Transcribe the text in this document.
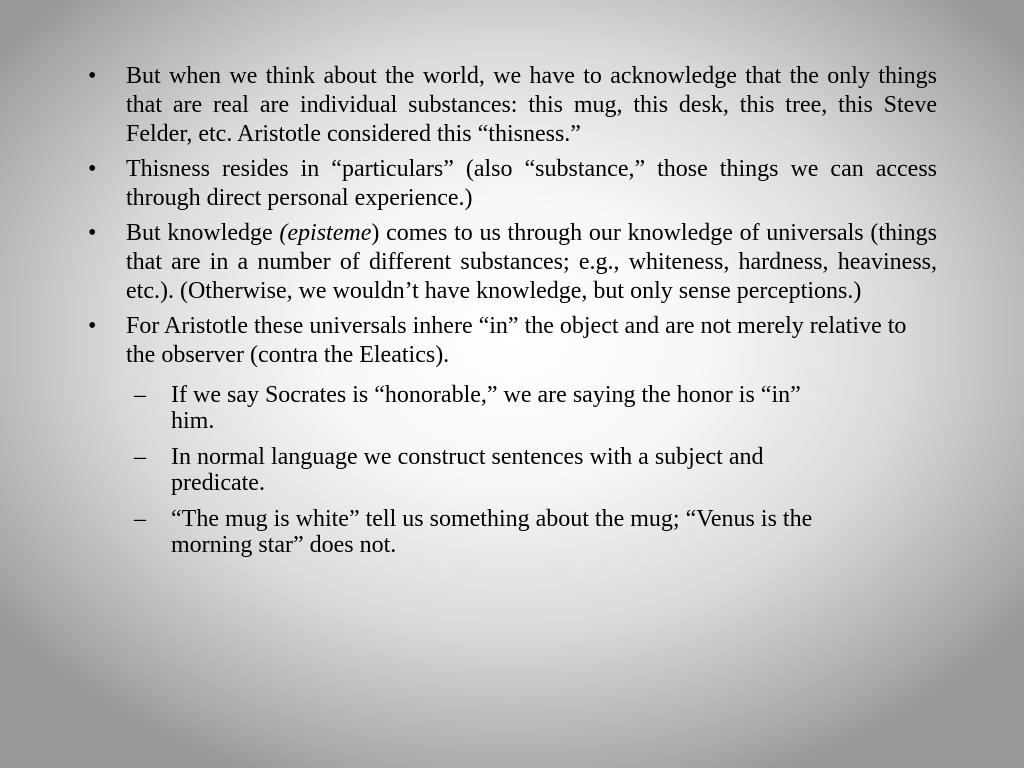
• But when we think about the world, we have to acknowledge that the only things that are real are individual substances: this mug, this desk, this tree, this Steve Felder, etc. Aristotle considered this “thisness.”
• Thisness resides in “particulars” (also “substance,” those things we can access through direct personal experience.)
• But knowledge (episteme) comes to us through our knowledge of universals (things that are in a number of different substances; e.g., whiteness, hardness, heaviness, etc.). (Otherwise, we wouldn’t have knowledge, but only sense perceptions.)
• For Aristotle these universals inhere “in” the object and are not merely relative to the observer (contra the Eleatics).
– If we say Socrates is “honorable,” we are saying the honor is “in” him.
– In normal language we construct sentences with a subject and predicate.
– “The mug is white” tell us something about the mug; “Venus is the morning star” does not.
